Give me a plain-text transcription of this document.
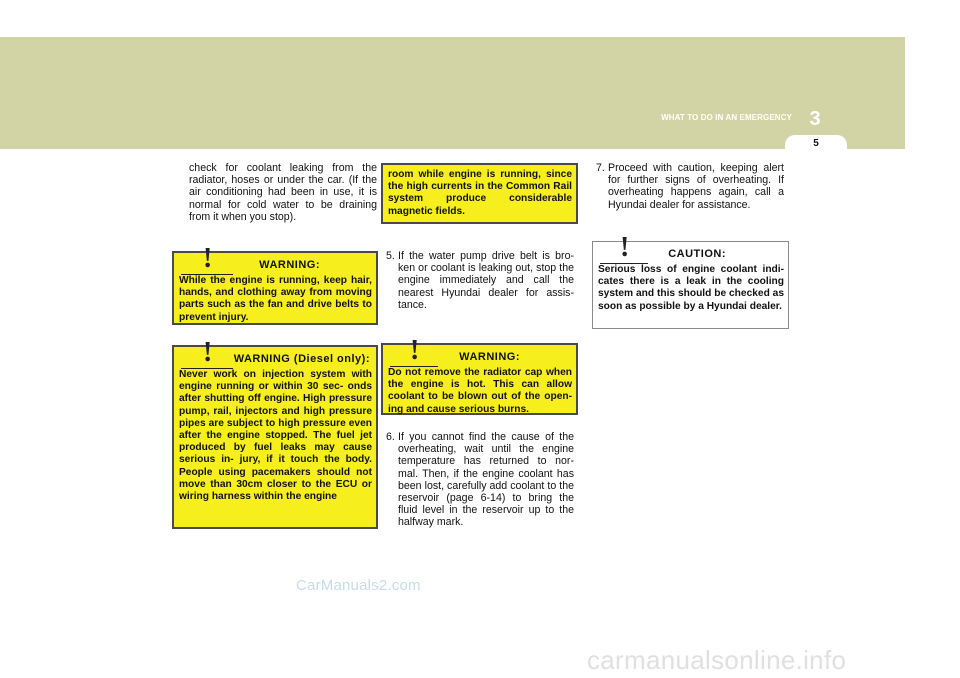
3
WHAT TO DO IN AN EMERGENCY
5
check for coolant leaking from the radiator, hoses or under the car. (If the air conditioning had been in use, it is normal for cold water to be draining from it when you stop).
!	WARNING:
While the engine is running, keep hair, hands, and clothing away from moving parts such as the fan and drive belts to prevent injury.
! WARNING (Diesel only):
Never work on injection system with engine running or within 30 sec- onds after shutting off engine. High pressure pump, rail, injectors and high pressure pipes are subject to high pressure even after the engine stopped. The fuel jet produced by fuel leaks may cause serious in- jury, if it touch the body. People using pacemakers should not move than 30cm closer to the ECU or wiring harness within the engine
room while engine is running, since the high currents in the Common Rail system produce considerable magnetic fields.
5. If the water pump drive belt is bro- ken or coolant is leaking out, stop the engine immediately and call the nearest Hyundai dealer for assis- tance.
!	WARNING:
Do not remove the radiator cap when the engine is hot. This can allow coolant to be blown out of the open- ing and cause serious burns.
6. If you cannot find the cause of the overheating, wait until the engine temperature has returned to nor- mal. Then, if the engine coolant has been lost, carefully add coolant to the reservoir (page 6-14) to bring the fluid level in the reservoir up to the halfway mark.
7. Proceed with caution, keeping alert for further signs of overheating. If overheating happens again, call a Hyundai dealer for assistance.
!	CAUTION:
Serious loss of engine coolant indi- cates there is a leak in the cooling system and this should be checked as soon as possible by a Hyundai dealer.
CarManuals2.com
carmanualsonline.info
